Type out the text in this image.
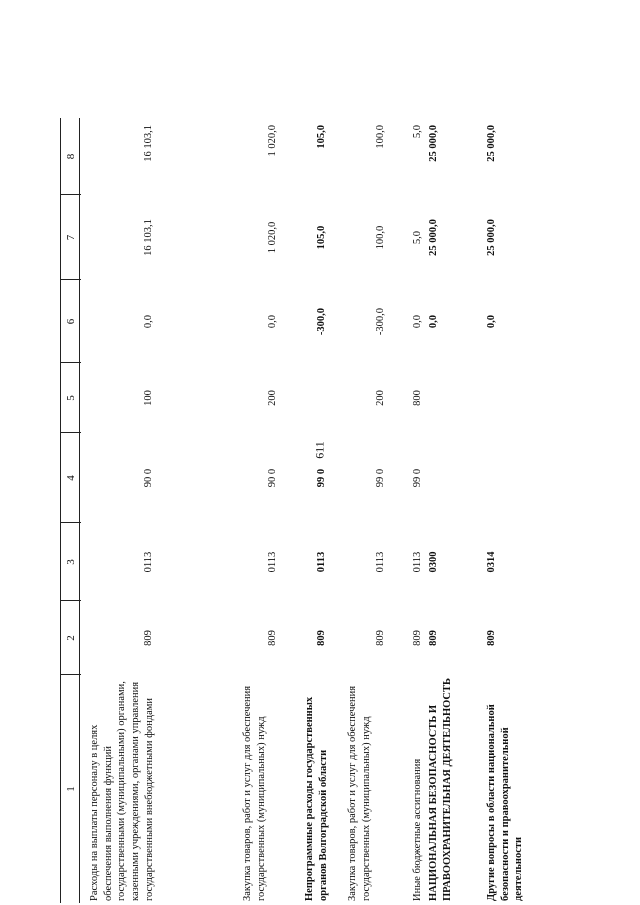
611
1
2
3
4
5
6
7
8
Расходы на выплаты персоналу в целях обеспечения выполнения функций государственными (муниципальными) органами, казенными учреждениями, органами управления государственными внебюджетными фондами
809
0113
90 0
100
0,0
16 103,1
16 103,1
Закупка товаров, работ и услуг для обеспечения государственных (муниципальных) нужд
809
0113
90 0
200
0,0
1 020,0
1 020,0
Непрограммные расходы государственных органов Волгоградской области
809
0113
99 0
-300,0
105,0
105,0
Закупка товаров, работ и услуг для обеспечения государственных (муниципальных) нужд
809
0113
99 0
200
-300,0
100,0
100,0
Иные бюджетные ассигнования
809
0113
99 0
800
0,0
5,0
5,0
НАЦИОНАЛЬНАЯ БЕЗОПАСНОСТЬ И ПРАВООХРАНИТЕЛЬНАЯ ДЕЯТЕЛЬНОСТЬ
809
0300
0,0
25 000,0
25 000,0
Другие вопросы в области национальной безопасности и правоохранительной деятельности
809
0314
0,0
25 000,0
25 000,0
